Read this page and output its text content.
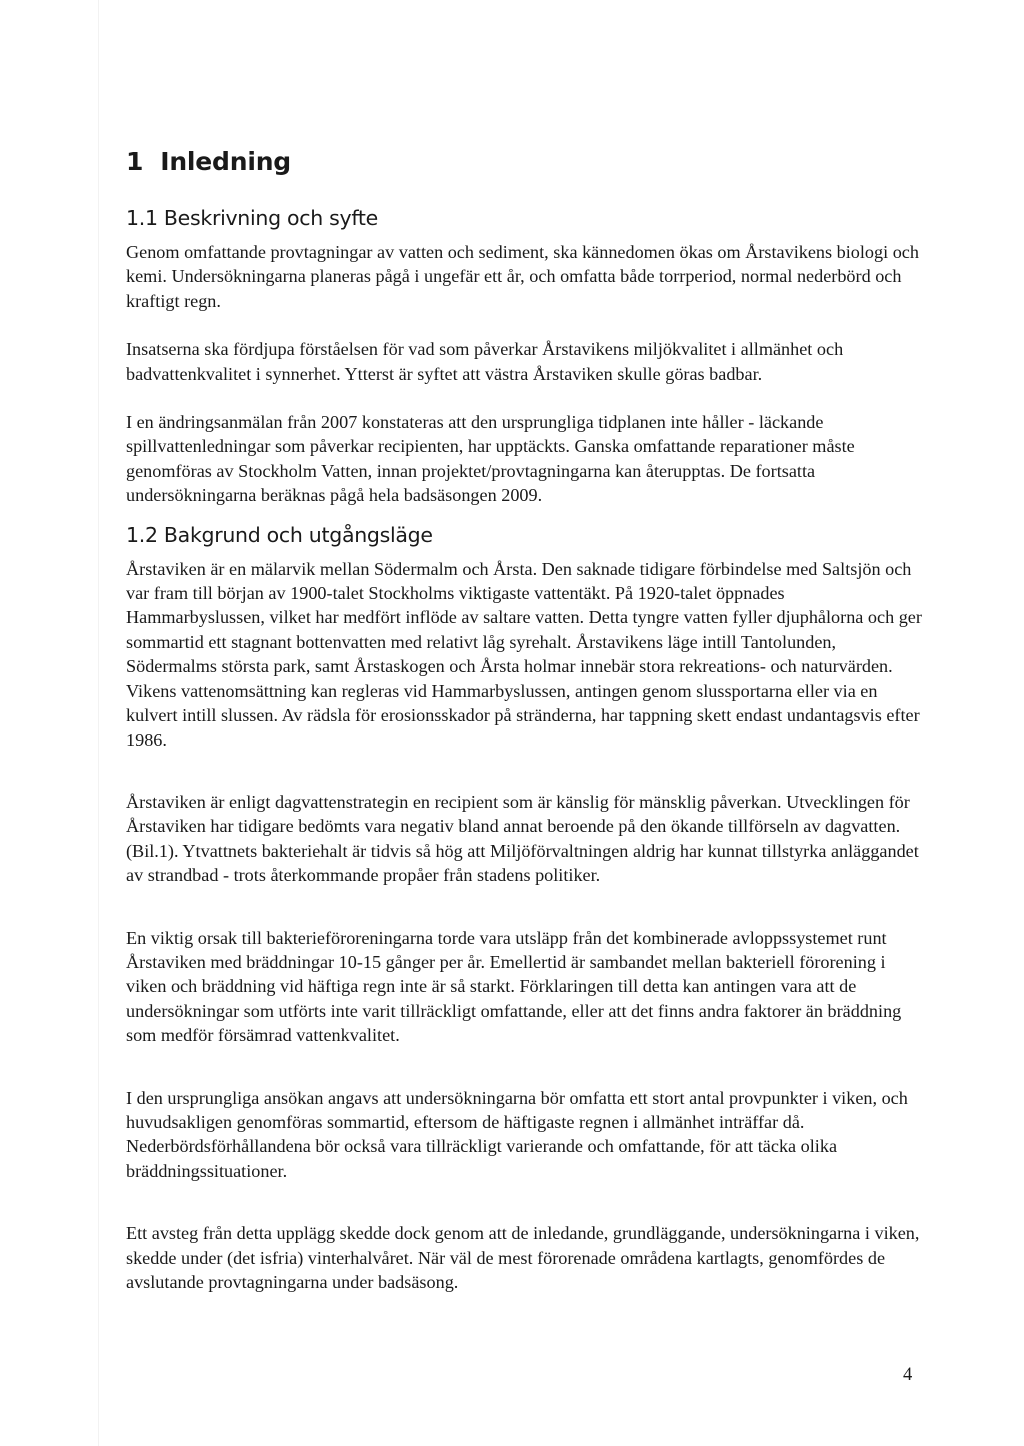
1 Inledning
1.1 Beskrivning och syfte

Genom omfattande provtagningar av vatten och sediment, ska kännedomen ökas om Årstavikens biologi och kemi. Undersökningarna planeras pågå i ungefär ett år, och omfatta både torrperiod, normal nederbörd och kraftigt regn.

Insatserna ska fördjupa förståelsen för vad som påverkar Årstavikens miljökvalitet i allmänhet och badvattenkvalitet i synnerhet. Ytterst är syftet att västra Årstaviken skulle göras badbar.

I en ändringsanmälan från 2007 konstateras att den ursprungliga tidplanen inte håller - läckande spillvattenledningar som påverkar recipienten, har upptäckts. Ganska omfattande reparationer måste genomföras av Stockholm Vatten, innan projektet/provtagningarna kan återupptas. De fortsatta undersökningarna beräknas pågå hela badsäsongen 2009.

1.2 Bakgrund och utgångsläge

Årstaviken är en mälarvik mellan Södermalm och Årsta. Den saknade tidigare förbindelse med Saltsjön och var fram till början av 1900-talet Stockholms viktigaste vattentäkt. På 1920-talet öppnades Hammarbyslussen, vilket har medfört inflöde av saltare vatten. Detta tyngre vatten fyller djuphålorna och ger sommartid ett stagnant bottenvatten med relativt låg syrehalt. Årstavikens läge intill Tantolunden, Södermalms största park, samt Årstaskogen och Årsta holmar innebär stora rekreations- och naturvärden. Vikens vattenomsättning kan regleras vid Hammarbyslussen, antingen genom slussportarna eller via en kulvert intill slussen. Av rädsla för erosionsskador på stränderna, har tappning skett endast undantagsvis efter 1986.

Årstaviken är enligt dagvattenstrategin en recipient som är känslig för mänsklig påverkan. Utvecklingen för Årstaviken har tidigare bedömts vara negativ bland annat beroende på den ökande tillförseln av dagvatten. (Bil.1). Ytvattnets bakteriehalt är tidvis så hög att Miljöförvaltningen aldrig har kunnat tillstyrka anläggandet av strandbad - trots återkommande propåer från stadens politiker.

En viktig orsak till bakterieföroreningarna torde vara utsläpp från det kombinerade avloppssystemet runt Årstaviken med bräddningar 10-15 gånger per år. Emellertid är sambandet mellan bakteriell förorening i viken och bräddning vid häftiga regn inte är så starkt. Förklaringen till detta kan antingen vara att de undersökningar som utförts inte varit tillräckligt omfattande, eller att det finns andra faktorer än bräddning som medför försämrad vattenkvalitet.

I den ursprungliga ansökan angavs att undersökningarna bör omfatta ett stort antal provpunkter i viken, och huvudsakligen genomföras sommartid, eftersom de häftigaste regnen i allmänhet inträffar då. Nederbördsförhållandena bör också vara tillräckligt varierande och omfattande, för att täcka olika bräddningssituationer.

Ett avsteg från detta upplägg skedde dock genom att de inledande, grundläggande, undersökningarna i viken, skedde under (det isfria) vinterhalvåret. När väl de mest förorenade områdena kartlagts, genomfördes de avslutande provtagningarna under badsäsong.

4
